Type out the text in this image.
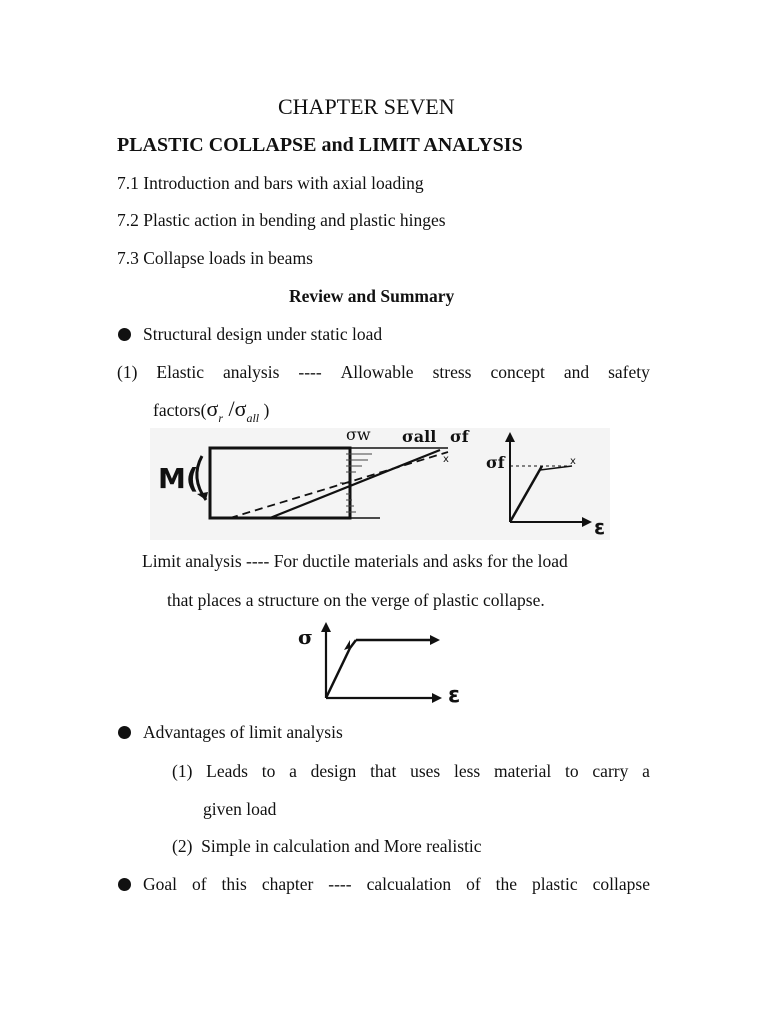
CHAPTER SEVEN
PLASTIC COLLAPSE and LIMIT ANALYSIS
7.1 Introduction and bars with axial loading
7.2 Plastic action in bending and plastic hinges
7.3 Collapse loads in beams
Review and Summary
Structural design under static load
(1) Elastic analysis ---- Allowable stress concept and safety
$factors(\sigma_r$ $/\sigma_{all}$ )
M(
σw σall σf
x σf	x
ε
Limit analysis ---- For ductile materials and asks for the load
that places a structure on the verge of plastic collapse.
σ
ε
Advantages of limit analysis
(1) Leads to a design that uses less material to carry a
given load
(2)  Simple in calculation and More realistic
Goal of this chapter ---- calcualation of the plastic collapse
